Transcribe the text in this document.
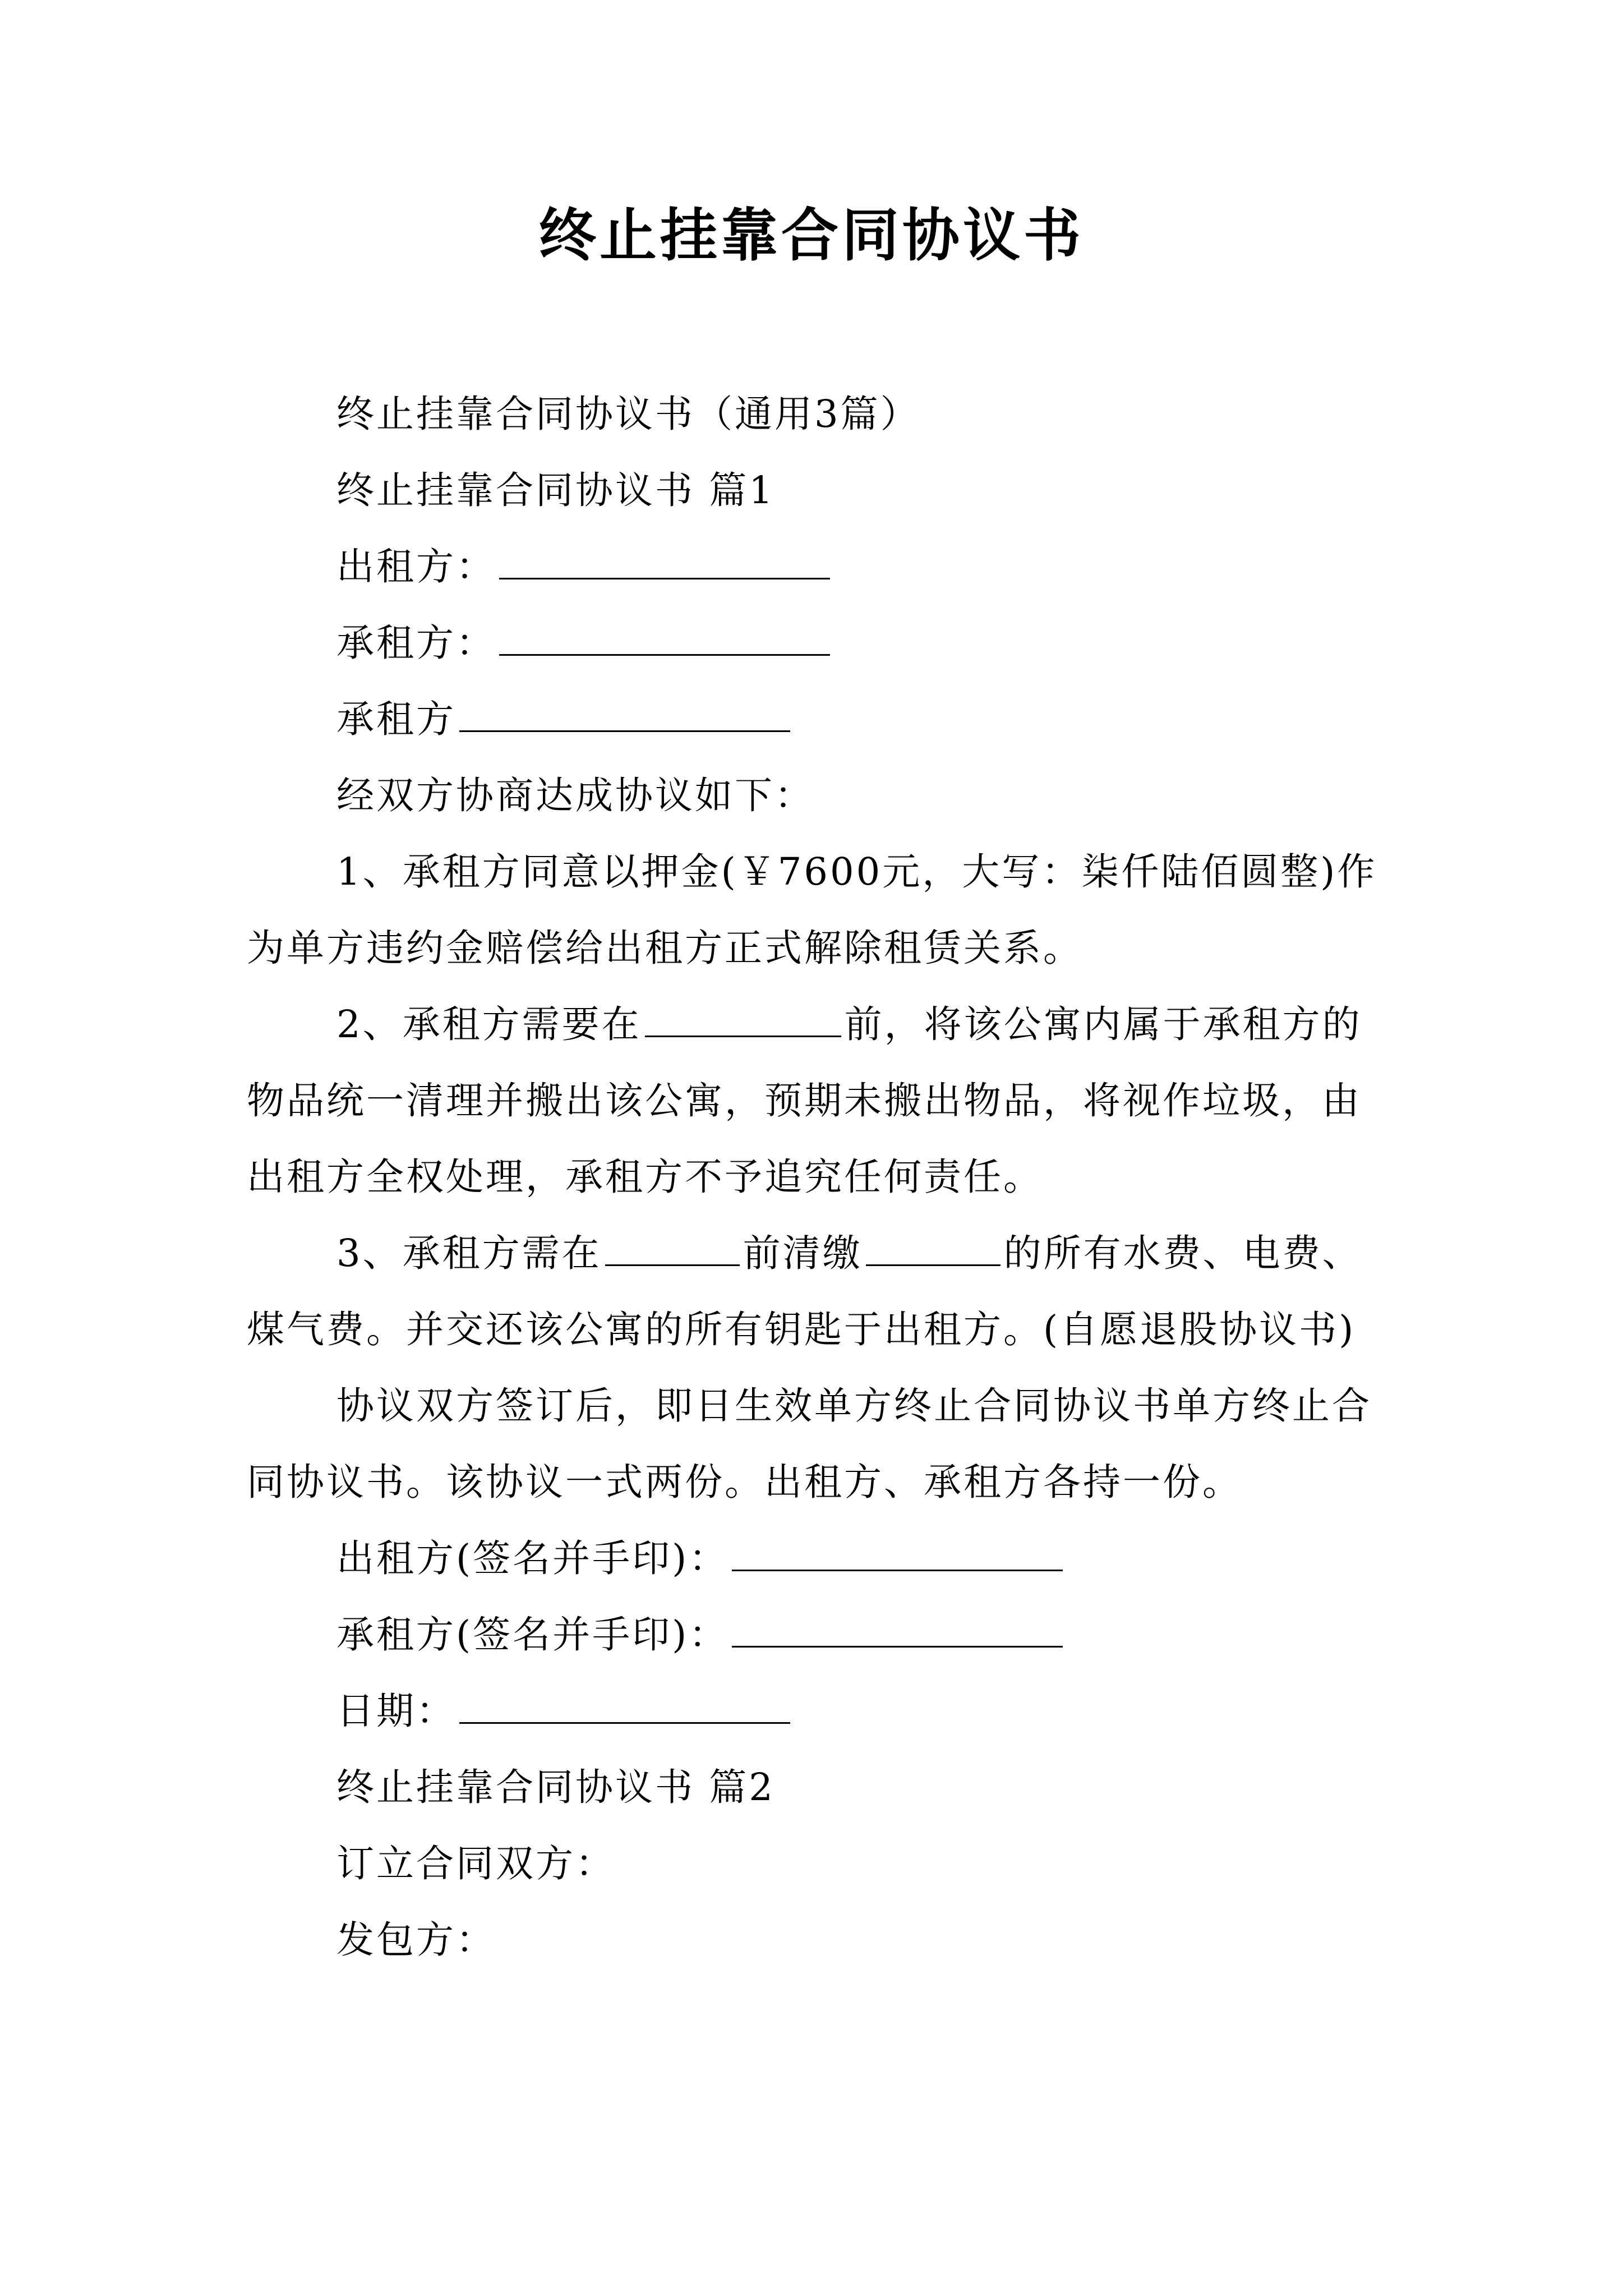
终止挂靠合同协议书

终止挂靠合同协议书（通用3篇）

终止挂靠合同协议书 篇1

出租方：

承租方：

承租方

经双方协商达成协议如下：

1、承租方同意以押金(￥7600元，大写：柒仟陆佰圆整)作为单方违约金赔偿给出租方正式解除租赁关系。

2、承租方需要在	前，将该公寓内属于承租方的物品统一清理并搬出该公寓，预期未搬出物品，将视作垃圾，由出租方全权处理，承租方不予追究任何责任。

3、承租方需在	前清缴	的所有水费、电费、煤气费。并交还该公寓的所有钥匙于出租方。(自愿退股协议书)

协议双方签订后，即日生效单方终止合同协议书单方终止合同协议书。该协议一式两份。出租方、承租方各持一份。

出租方(签名并手印)：

承租方(签名并手印)：

日期：

终止挂靠合同协议书 篇2

订立合同双方：

发包方：
